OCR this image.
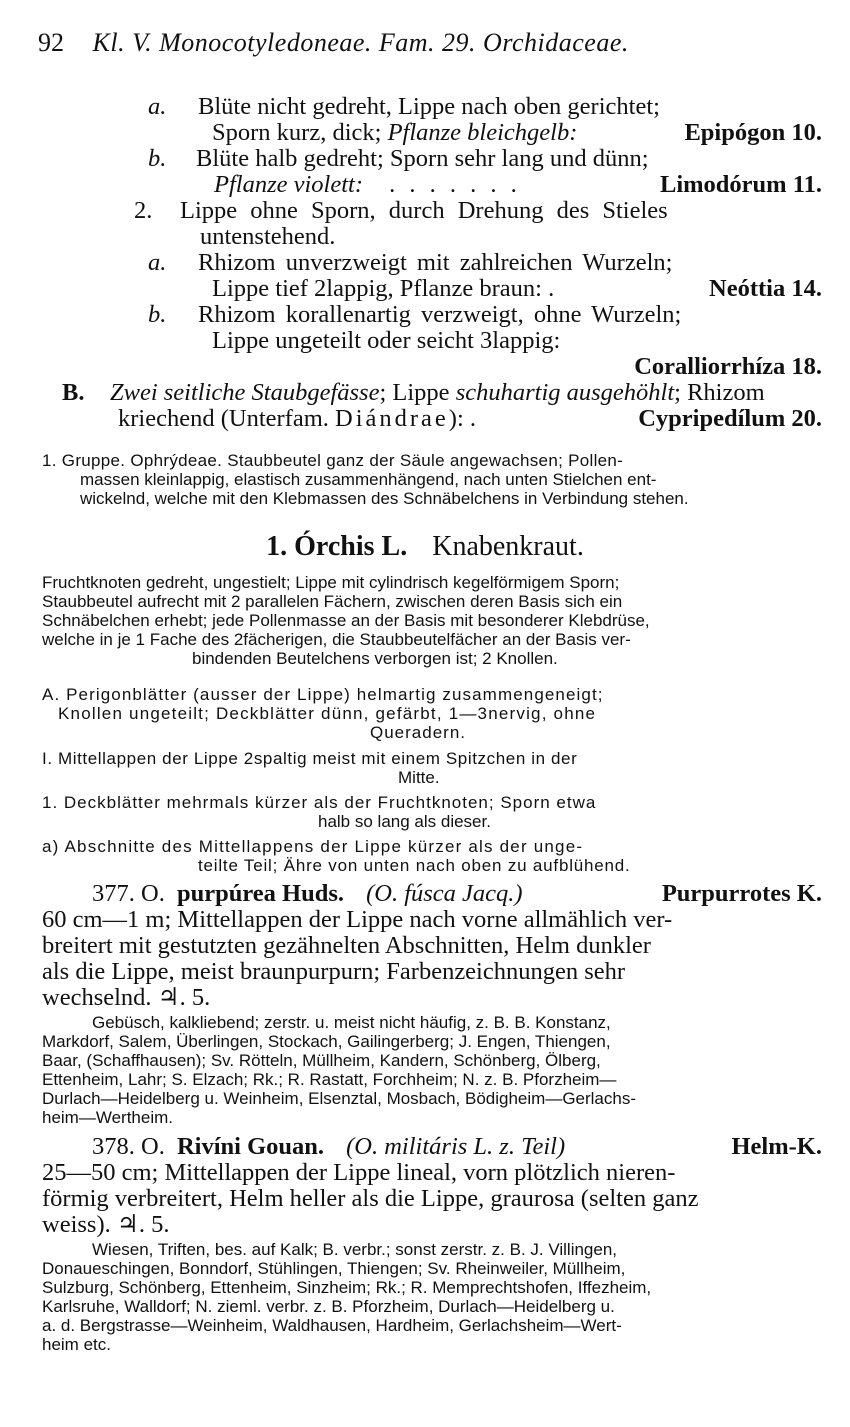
92 Kl. V. Monocotyledoneae. Fam. 29. Orchidaceae.
a. Blüte nicht gedreht, Lippe nach oben gerichtet;
Sporn kurz, dick; Pflanze bleichgelb:	Epipógon 10.
b. Blüte halb gedreht; Sporn sehr lang und dünn;
Pflanze violett: . . . . . . .	Limodórum 11.
2. Lippe ohne Sporn, durch Drehung des Stieles
untenstehend.
a. Rhizom unverzweigt mit zahlreichen Wurzeln;
Lippe tief 2lappig, Pflanze braun: .	Neóttia 14.
b. Rhizom korallenartig verzweigt, ohne Wurzeln;
Lippe ungeteilt oder seicht 3lappig:
Coralliorrhíza 18.
B. Zwei seitliche Staubgefässe; Lippe schuhartig ausgehöhlt; Rhizom
kriechend (Unterfam. Diándrae): .	Cypripedílum 20.
1. Gruppe. Ophrýdeae. Staubbeutel ganz der Säule angewachsen; Pollen-
massen kleinlappig, elastisch zusammenhängend, nach unten Stielchen ent-
wickelnd, welche mit den Klebmassen des Schnäbelchens in Verbindung stehen.
1. Órchis L. Knabenkraut.
Fruchtknoten gedreht, ungestielt; Lippe mit cylindrisch kegelförmigem Sporn;
Staubbeutel aufrecht mit 2 parallelen Fächern, zwischen deren Basis sich ein
Schnäbelchen erhebt; jede Pollenmasse an der Basis mit besonderer Klebdrüse,
welche in je 1 Fache des 2fächerigen, die Staubbeutelfächer an der Basis ver-
bindenden Beutelchens verborgen ist; 2 Knollen.
A. Perigonblätter (ausser der Lippe) helmartig zusammengeneigt;
Knollen ungeteilt; Deckblätter dünn, gefärbt, 1—3nervig, ohne
Queradern.
I. Mittellappen der Lippe 2spaltig meist mit einem Spitzchen in der
Mitte.
1. Deckblätter mehrmals kürzer als der Fruchtknoten; Sporn etwa
halb so lang als dieser.
a) Abschnitte des Mittellappens der Lippe kürzer als der unge-
teilte Teil; Ähre von unten nach oben zu aufblühend.
377. O. purpúrea Huds. (O. fúsca Jacq.)	Purpurrotes K.
60 cm—1 m; Mittellappen der Lippe nach vorne allmählich ver-
breitert mit gestutzten gezähnelten Abschnitten, Helm dunkler
als die Lippe, meist braunpurpurn; Farbenzeichnungen sehr
wechselnd. ♃. 5.
Gebüsch, kalkliebend; zerstr. u. meist nicht häufig, z. B. B. Konstanz,
Markdorf, Salem, Überlingen, Stockach, Gailingerberg; J. Engen, Thiengen,
Baar, (Schaffhausen); Sv. Rötteln, Müllheim, Kandern, Schönberg, Ölberg,
Ettenheim, Lahr; S. Elzach; Rk.; R. Rastatt, Forchheim; N. z. B. Pforzheim—
Durlach—Heidelberg u. Weinheim, Elsenztal, Mosbach, Bödigheim—Gerlachs-
heim—Wertheim.
378. O. Rivíni Gouan. (O. militáris L. z. Teil)	Helm-K.
25—50 cm; Mittellappen der Lippe lineal, vorn plötzlich nieren-
förmig verbreitert, Helm heller als die Lippe, graurosa (selten ganz
weiss). ♃. 5.
Wiesen, Triften, bes. auf Kalk; B. verbr.; sonst zerstr. z. B. J. Villingen,
Donaueschingen, Bonndorf, Stühlingen, Thiengen; Sv. Rheinweiler, Müllheim,
Sulzburg, Schönberg, Ettenheim, Sinzheim; Rk.; R. Memprechtshofen, Iffezheim,
Karlsruhe, Walldorf; N. zieml. verbr. z. B. Pforzheim, Durlach—Heidelberg u.
a. d. Bergstrasse—Weinheim, Waldhausen, Hardheim, Gerlachsheim—Wert-
heim etc.
